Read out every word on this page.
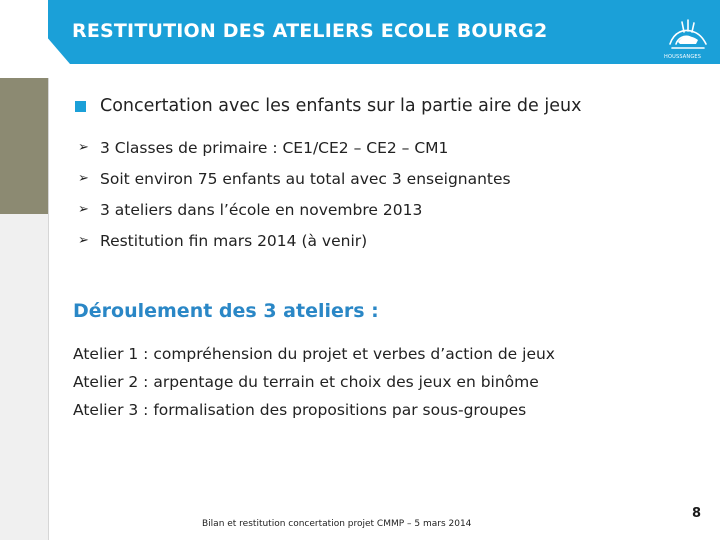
RESTITUTION DES ATELIERS ECOLE BOURG2
HOUSSANGES
Concertation avec les enfants sur la partie aire de jeux
➢ 3 Classes de primaire : CE1/CE2 – CE2 – CM1
➢ Soit environ 75 enfants au total avec 3 enseignantes
➢ 3 ateliers dans l’école en novembre 2013
➢ Restitution fin mars 2014 (à venir)
Déroulement des 3 ateliers :
Atelier 1 : compréhension du projet et verbes d’action de jeux
Atelier 2 : arpentage du terrain et choix des jeux en binôme
Atelier 3 : formalisation des propositions par sous-groupes
Bilan et restitution concertation projet CMMP – 5 mars 2014
8
